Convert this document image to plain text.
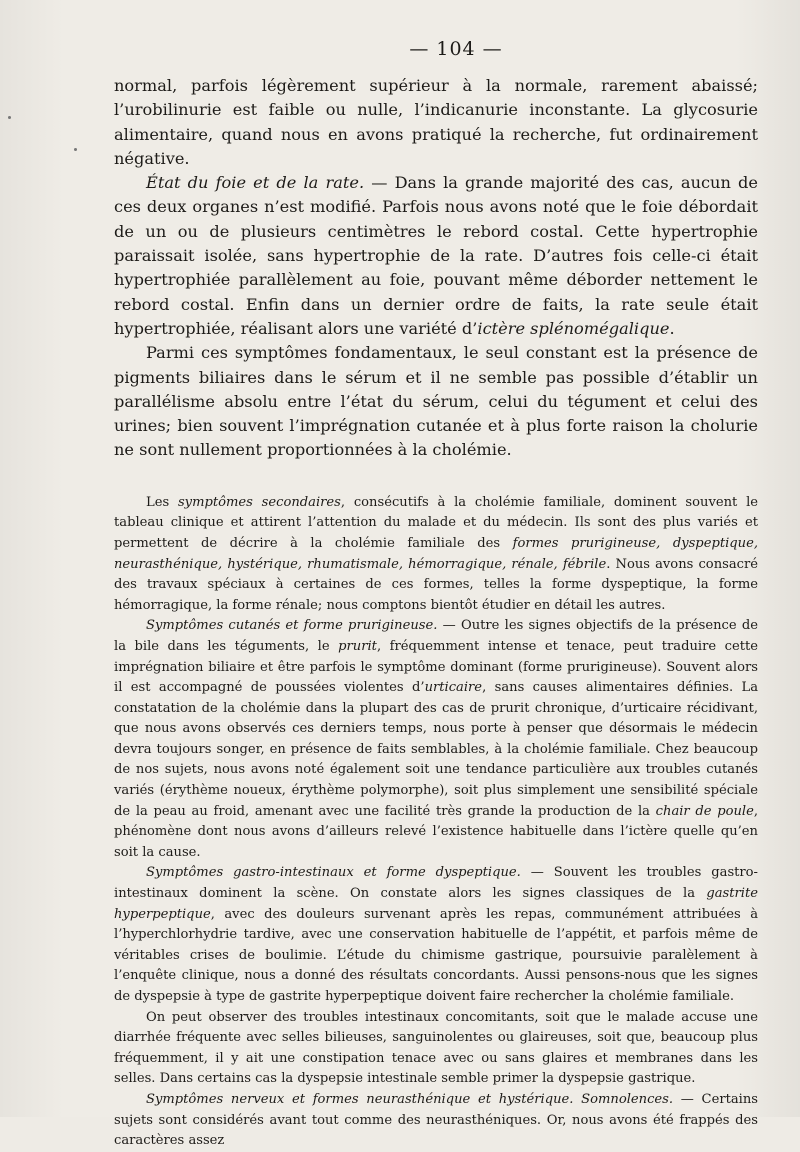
— 104 —

normal, parfois légèrement supérieur à la normale, rarement abaissé; l’urobilinurie est faible ou nulle, l’indicanurie inconstante. La glycosurie alimentaire, quand nous en avons pratiqué la recherche, fut ordinairement négative.

État du foie et de la rate. — Dans la grande majorité des cas, aucun de ces deux organes n’est modifié. Parfois nous avons noté que le foie débordait de un ou de plusieurs centimètres le rebord costal. Cette hypertrophie paraissait isolée, sans hypertrophie de la rate. D’autres fois celle-ci était hypertrophiée parallèlement au foie, pouvant même déborder nettement le rebord costal. Enfin dans un dernier ordre de faits, la rate seule était hypertrophiée, réalisant alors une variété d’ictère splénomégalique.

Parmi ces symptômes fondamentaux, le seul constant est la présence de pigments biliaires dans le sérum et il ne semble pas possible d’établir un parallélisme absolu entre l’état du sérum, celui du tégument et celui des urines; bien souvent l’imprégnation cutanée et à plus forte raison la cholurie ne sont nullement proportionnées à la cholémie.

Les symptômes secondaires, consécutifs à la cholémie familiale, dominent souvent le tableau clinique et attirent l’attention du malade et du médecin. Ils sont des plus variés et permettent de décrire à la cholémie familiale des formes prurigineuse, dyspeptique, neurasthénique, hystérique, rhumatismale, hémorragique, rénale, fébrile. Nous avons consacré des travaux spéciaux à certaines de ces formes, telles la forme dyspeptique, la forme hémorragique, la forme rénale; nous comptons bientôt étudier en détail les autres.

Symptômes cutanés et forme prurigineuse. — Outre les signes objectifs de la présence de la bile dans les téguments, le prurit, fréquemment intense et tenace, peut traduire cette imprégnation biliaire et être parfois le symptôme dominant (forme prurigineuse). Souvent alors il est accompagné de poussées violentes d’urticaire, sans causes alimentaires définies. La constatation de la cholémie dans la plupart des cas de prurit chronique, d’urticaire récidivant, que nous avons observés ces derniers temps, nous porte à penser que désormais le médecin devra toujours songer, en présence de faits semblables, à la cholémie familiale. Chez beaucoup de nos sujets, nous avons noté également soit une tendance particulière aux troubles cutanés variés (érythème noueux, érythème polymorphe), soit plus simplement une sensibilité spéciale de la peau au froid, amenant avec une facilité très grande la production de la chair de poule, phénomène dont nous avons d’ailleurs relevé l’existence habituelle dans l’ictère quelle qu’en soit la cause.

Symptômes gastro-intestinaux et forme dyspeptique. — Souvent les troubles gastro-intestinaux dominent la scène. On constate alors les signes classiques de la gastrite hyperpeptique, avec des douleurs survenant après les repas, communément attribuées à l’hyperchlorhydrie tardive, avec une conservation habituelle de l’appétit, et parfois même de véritables crises de boulimie. L’étude du chimisme gastrique, poursuivie paralèlement à l’enquête clinique, nous a donné des résultats concordants. Aussi pensons-nous que les signes de dyspepsie à type de gastrite hyperpeptique doivent faire rechercher la cholémie familiale.

On peut observer des troubles intestinaux concomitants, soit que le malade accuse une diarrhée fréquente avec selles bilieuses, sanguinolentes ou glaireuses, soit que, beaucoup plus fréquemment, il y ait une constipation tenace avec ou sans glaires et membranes dans les selles. Dans certains cas la dyspepsie intestinale semble primer la dyspepsie gastrique.

Symptômes nerveux et formes neurasthénique et hystérique. Somnolences. — Certains sujets sont considérés avant tout comme des neurasthéniques. Or, nous avons été frappés des caractères assez
